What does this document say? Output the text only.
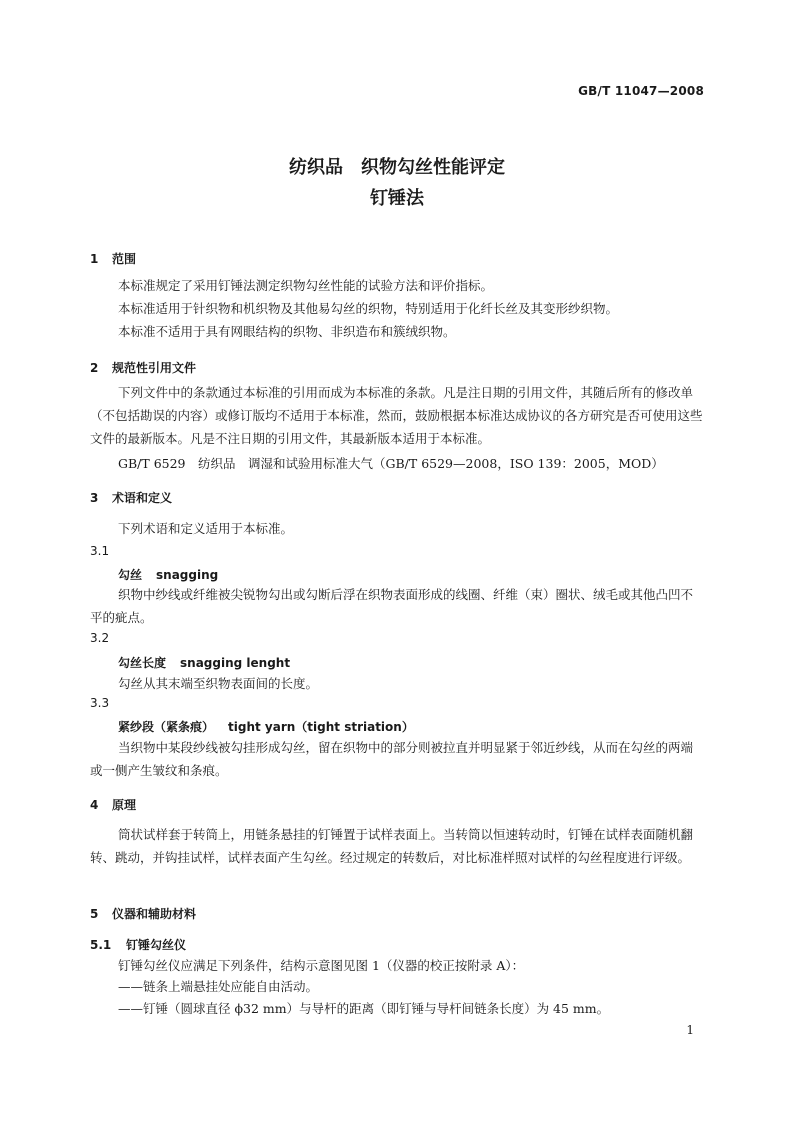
GB/T 11047—2008
纺织品　织物勾丝性能评定
钉锤法
1 范围
本标准规定了采用钉锤法测定织物勾丝性能的试验方法和评价指标。
本标准适用于针织物和机织物及其他易勾丝的织物，特别适用于化纤长丝及其变形纱织物。
本标准不适用于具有网眼结构的织物、非织造布和簇绒织物。
2 规范性引用文件
下列文件中的条款通过本标准的引用而成为本标准的条款。凡是注日期的引用文件，其随后所有的修改单（不包括勘误的内容）或修订版均不适用于本标准，然而，鼓励根据本标准达成协议的各方研究是否可使用这些文件的最新版本。凡是不注日期的引用文件，其最新版本适用于本标准。
GB/T 6529　纺织品　调湿和试验用标准大气（GB/T 6529—2008，ISO 139：2005，MOD）
3 术语和定义
下列术语和定义适用于本标准。
3.1
勾丝 snagging
织物中纱线或纤维被尖锐物勾出或勾断后浮在织物表面形成的线圈、纤维（束）圈状、绒毛或其他凸凹不平的疵点。
3.2
勾丝长度 snagging lenght
勾丝从其末端至织物表面间的长度。
3.3
紧纱段（紧条痕） tight yarn（tight striation）
当织物中某段纱线被勾挂形成勾丝，留在织物中的部分则被拉直并明显紧于邻近纱线，从而在勾丝的两端或一侧产生皱纹和条痕。
4 原理
筒状试样套于转筒上，用链条悬挂的钉锤置于试样表面上。当转筒以恒速转动时，钉锤在试样表面随机翻转、跳动，并钩挂试样，试样表面产生勾丝。经过规定的转数后，对比标准样照对试样的勾丝程度进行评级。
5 仪器和辅助材料
5.1 钉锤勾丝仪
钉锤勾丝仪应满足下列条件，结构示意图见图 1（仪器的校正按附录 A）：
——链条上端悬挂处应能自由活动。
——钉锤（圆球直径 ϕ32 mm）与导杆的距离（即钉锤与导杆间链条长度）为 45 mm。
1
